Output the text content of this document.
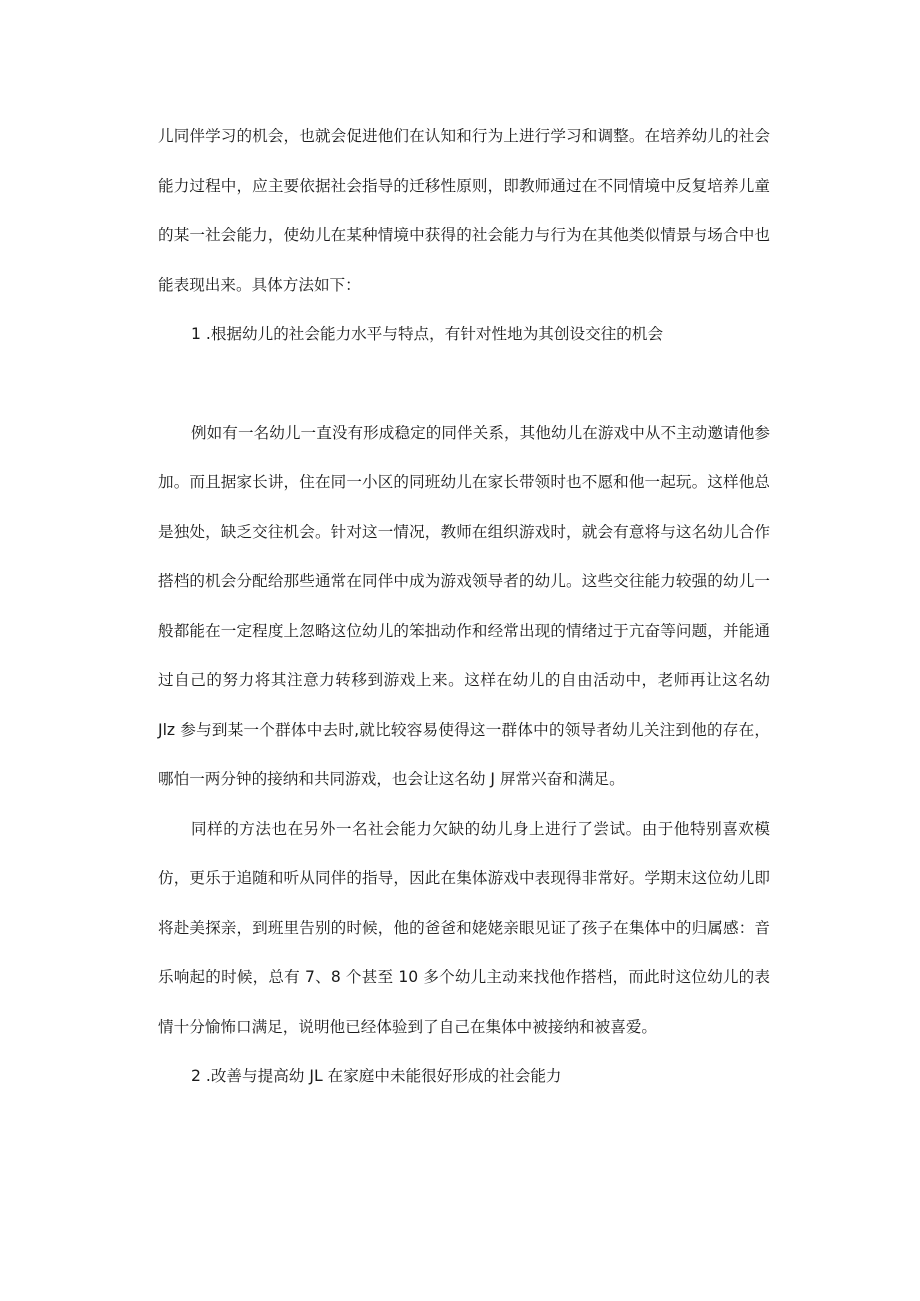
儿同伴学习的机会，也就会促进他们在认知和行为上进行学习和调整。在培养幼儿的社会能力过程中，应主要依据社会指导的迁移性原则，即教师通过在不同情境中反复培养儿童的某一社会能力，使幼儿在某种情境中获得的社会能力与行为在其他类似情景与场合中也能表现出来。具体方法如下：

1 .根据幼儿的社会能力水平与特点，有针对性地为其创设交往的机会

例如有一名幼儿一直没有形成稳定的同伴关系，其他幼儿在游戏中从不主动邀请他参加。而且据家长讲，住在同一小区的同班幼儿在家长带领时也不愿和他一起玩。这样他总是独处，缺乏交往机会。针对这一情况，教师在组织游戏时，就会有意将与这名幼儿合作搭档的机会分配给那些通常在同伴中成为游戏领导者的幼儿。这些交往能力较强的幼儿一般都能在一定程度上忽略这位幼儿的笨拙动作和经常出现的情绪过于亢奋等问题，并能通过自己的努力将其注意力转移到游戏上来。这样在幼儿的自由活动中，老师再让这名幼 Jlz 参与到某一个群体中去时,就比较容易使得这一群体中的领导者幼儿关注到他的存在，哪怕一两分钟的接纳和共同游戏，也会让这名幼 J 屏常兴奋和满足。

同样的方法也在另外一名社会能力欠缺的幼儿身上进行了尝试。由于他特别喜欢模仿，更乐于追随和听从同伴的指导，因此在集体游戏中表现得非常好。学期末这位幼儿即将赴美探亲，到班里告别的时候，他的爸爸和姥姥亲眼见证了孩子在集体中的归属感：音乐响起的时候，总有 7、8 个甚至 10 多个幼儿主动来找他作搭档，而此时这位幼儿的表情十分愉怖口满足，说明他已经体验到了自己在集体中被接纳和被喜爱。

2 .改善与提高幼 JL 在家庭中未能很好形成的社会能力
